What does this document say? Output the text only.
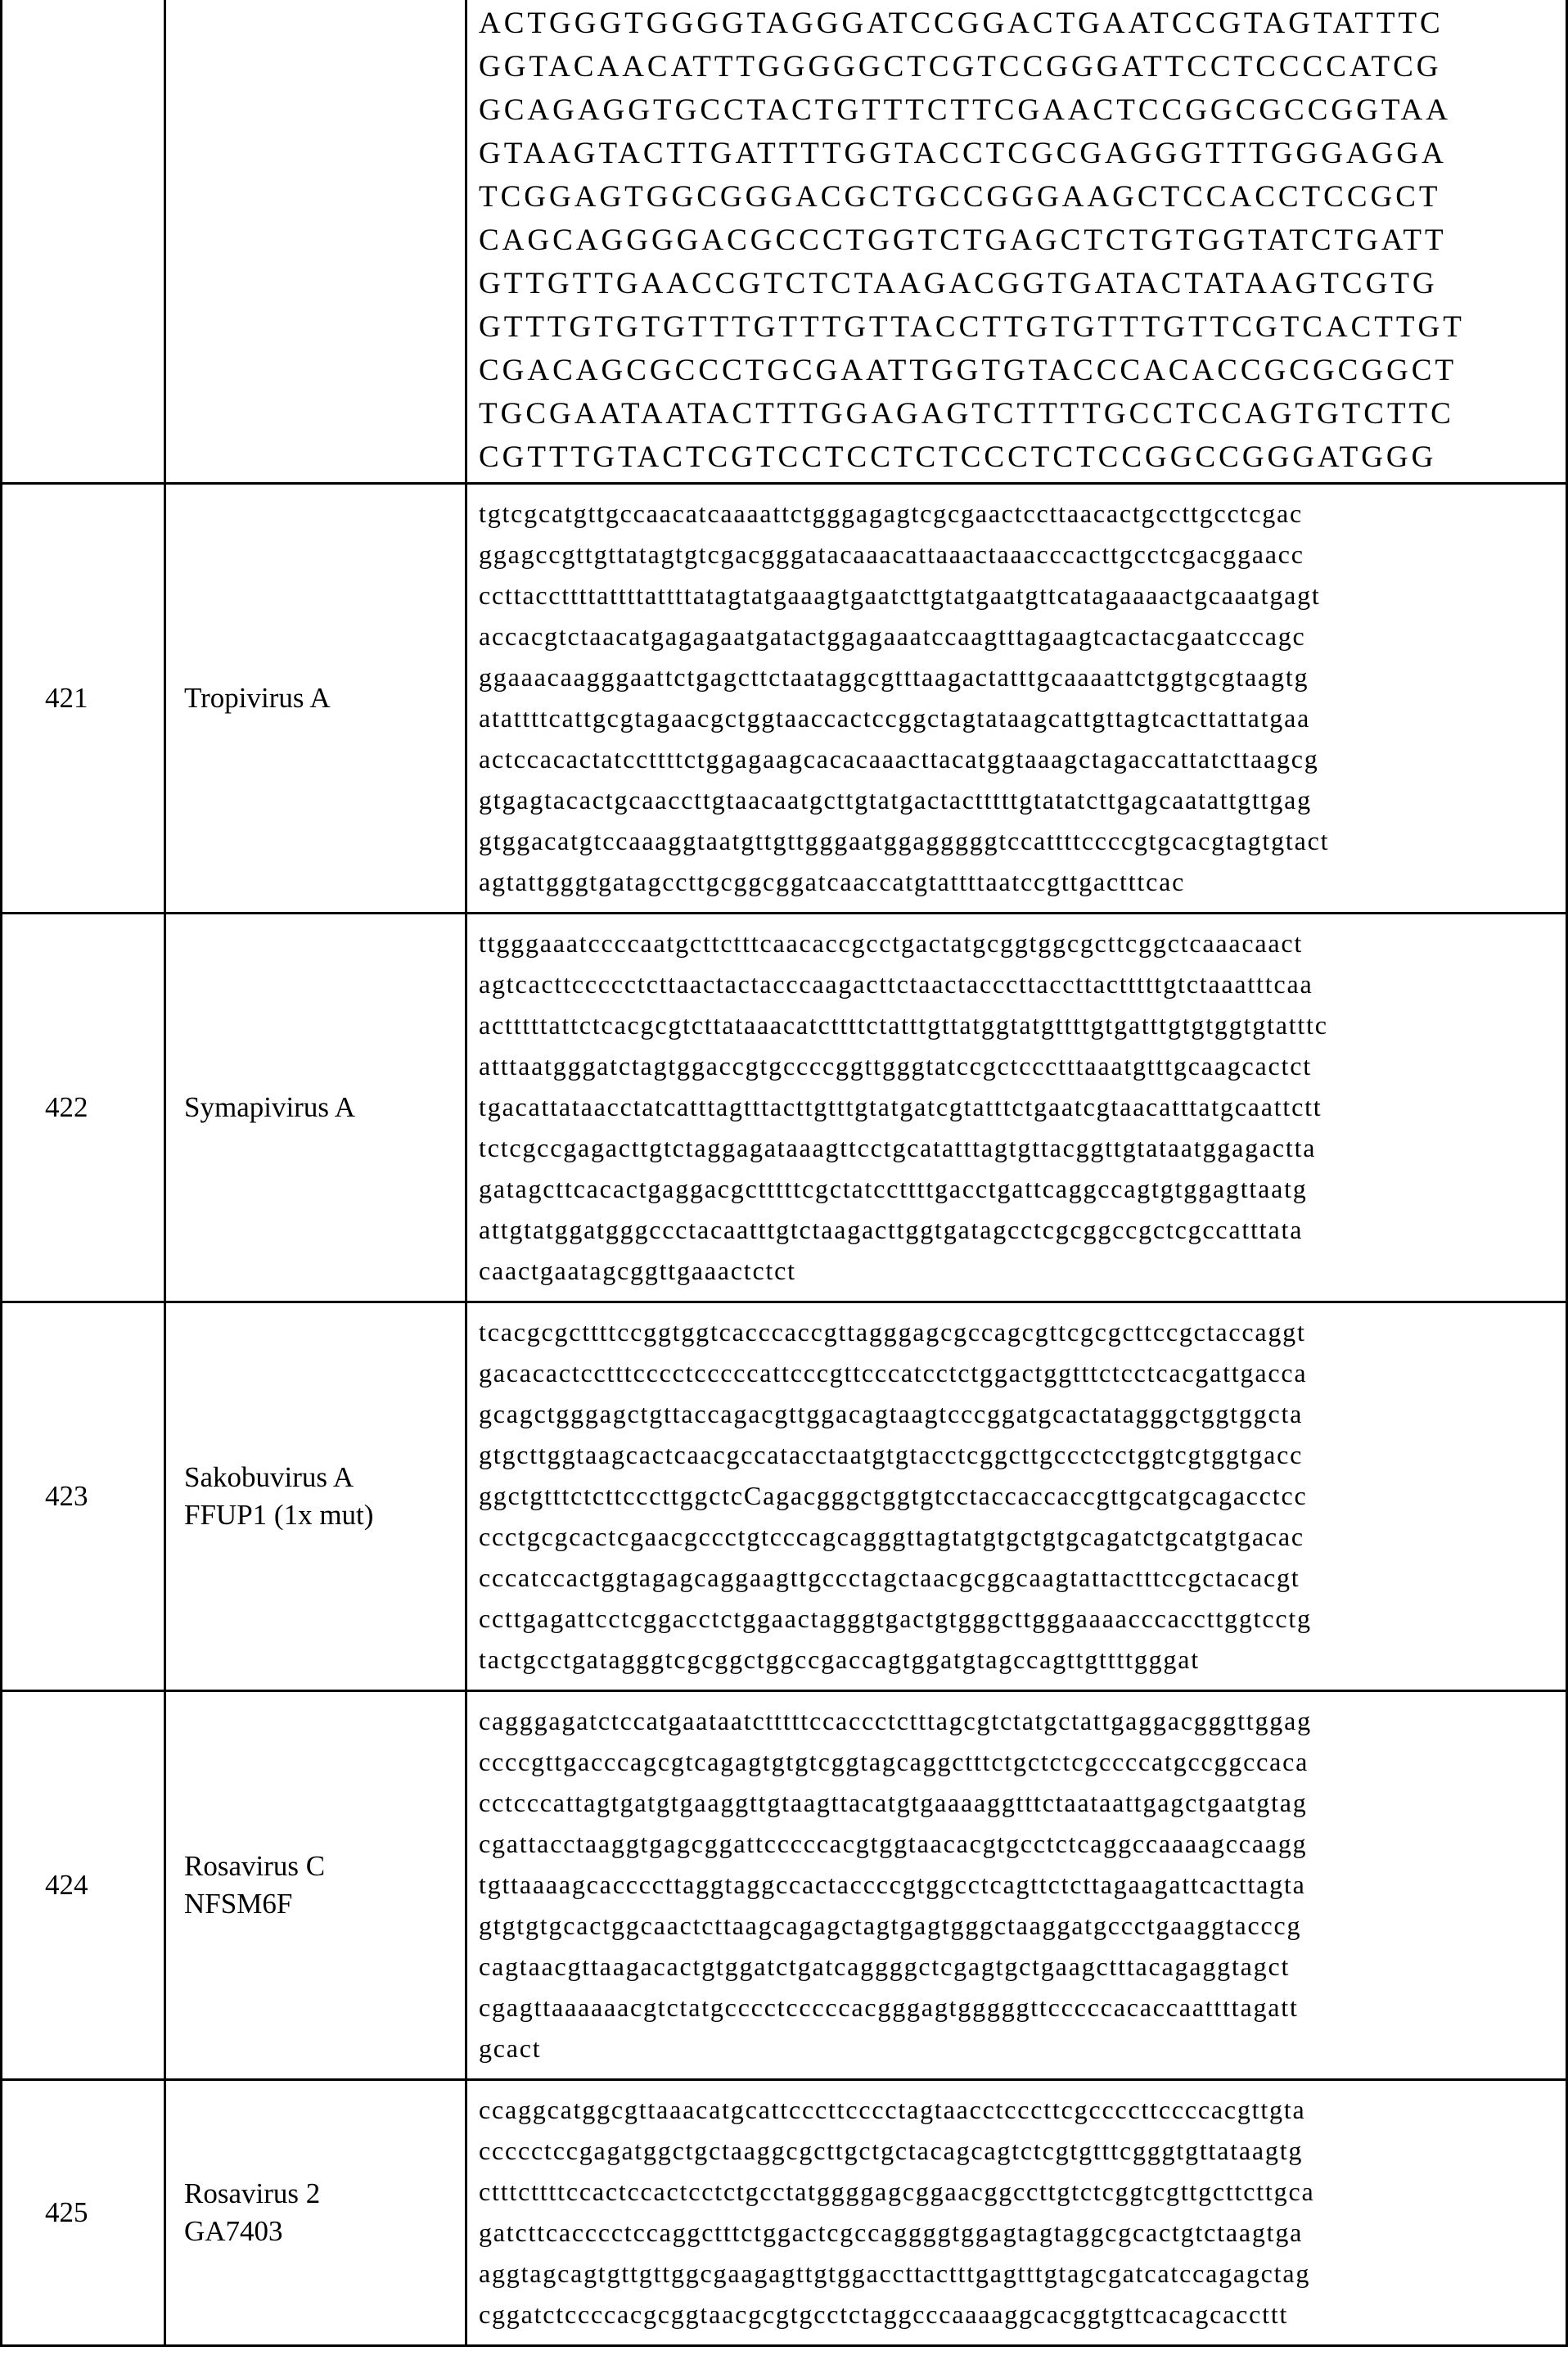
ACTGGGTGGGGTAGGGATCCGGACTGAATCCGTAGTATTTC
GGTACAACATTTGGGGGCTCGTCCGGGATTCCTCCCCATCG
GCAGAGGTGCCTACTGTTTCTTCGAACTCCGGCGCCGGTAA
GTAAGTACTTGATTTTGGTACCTCGCGAGGGTTTGGGAGGA
TCGGAGTGGCGGGACGCTGCCGGGAAGCTCCACCTCCGCT
CAGCAGGGGACGCCCTGGTCTGAGCTCTGTGGTATCTGATT
GTTGTTGAACCGTCTCTAAGACGGTGATACTATAAGTCGTG
GTTTGTGTGTTTGTTTGTTACCTTGTGTTTGTTCGTCACTTGT
CGACAGCGCCCTGCGAATTGGTGTACCCACACCGCGCGGCT
TGCGAATAATACTTTGGAGAGTCTTTTGCCTCCAGTGTCTTC
CGTTTGTACTCGTCCTCCTCTCCCTCTCCGGCCGGGATGGG
421	Tropivirus A
tgtcgcatgttgccaacatcaaaattctgggagagtcgcgaactccttaacactgccttgcctcgac
ggagccgttgttatagtgtcgacgggatacaaacattaaactaaacccacttgcctcgacggaacc
ccttaccttttattttattttatagtatgaaagtgaatcttgtatgaatgttcatagaaaactgcaaatgagt
accacgtctaacatgagagaatgatactggagaaatccaagtttagaagtcactacgaatcccagc
ggaaacaagggaattctgagcttctaataggcgtttaagactatttgcaaaattctggtgcgtaagtg
atattttcattgcgtagaacgctggtaaccactccggctagtataagcattgttagtcacttattatgaa
actccacactatccttttctggagaagcacacaaacttacatggtaaagctagaccattatcttaagcg
gtgagtacactgcaaccttgtaacaatgcttgtatgactactttttgtatatcttgagcaatattgttgag
gtggacatgtccaaaggtaatgttgttgggaatggagggggtccattttccccgtgcacgtagtgtact
agtattgggtgatagccttgcggcggatcaaccatgtattttaatccgttgactttcac
422	Symapivirus A
ttgggaaatccccaatgcttctttcaacaccgcctgactatgcggtggcgcttcggctcaaacaact
agtcacttccccctcttaactactacccaagacttctaactacccttaccttactttttgtctaaatttcaa
actttttattctcacgcgtcttataaacatcttttctatttgttatggtatgttttgtgatttgtgtggtgtatttc
atttaatgggatctagtggaccgtgccccggttgggtatccgctccctttaaatgtttgcaagcactct
tgacattataacctatcatttagtttacttgtttgtatgatcgtatttctgaatcgtaacatttatgcaattctt
tctcgccgagacttgtctaggagataaagttcctgcatatttagtgttacggttgtataatggagactta
gatagcttcacactgaggacgctttttcgctatccttttgacctgattcaggccagtgtggagttaatg
attgtatggatgggccctacaatttgtctaagacttggtgatagcctcgcggccgctcgccatttata
caactgaatagcggttgaaactctct
423
Sakobuvirus A
FFUP1 (1x mut)
tcacgcgcttttccggtggtcacccaccgttagggagcgccagcgttcgcgcttccgctaccaggt
gacacactcctttcccctcccccattcccgttcccatcctctggactggtttctcctcacgattgacca
gcagctgggagctgttaccagacgttggacagtaagtcccggatgcactatagggctggtggcta
gtgcttggtaagcactcaacgccatacctaatgtgtacctcggcttgccctcctggtcgtggtgacc
ggctgtttctcttcccttggctcCagacgggctggtgtcctaccaccaccgttgcatgcagacctcc
ccctgcgcactcgaacgccctgtcccagcagggttagtatgtgctgtgcagatctgcatgtgacac
cccatccactggtagagcaggaagttgccctagctaacgcggcaagtattactttccgctacacgt
ccttgagattcctcggacctctggaactagggtgactgtgggcttgggaaaacccaccttggtcctg
tactgcctgatagggtcgcggctggccgaccagtggatgtagccagttgttttgggat
424
Rosavirus C
NFSM6F
cagggagatctccatgaataatctttttccaccctctttagcgtctatgctattgaggacgggttggag
ccccgttgacccagcgtcagagtgtgtcggtagcaggctttctgctctcgccccatgccggccaca
cctcccattagtgatgtgaaggttgtaagttacatgtgaaaaggtttctaataattgagctgaatgtag
cgattacctaaggtgagcggattcccccacgtggtaacacgtgcctctcaggccaaaagccaagg
tgttaaaagcaccccttaggtaggccactaccccgtggcctcagttctcttagaagattcacttagta
gtgtgtgcactggcaactcttaagcagagctagtgagtgggctaaggatgccctgaaggtacccg
cagtaacgttaagacactgtggatctgatcaggggctcgagtgctgaagctttacagaggtagct
cgagttaaaaaacgtctatgcccctcccccacgggagtgggggttcccccacaccaattttagatt
gcact
425
Rosavirus 2
GA7403
ccaggcatggcgttaaacatgcattcccttcccctagtaacctcccttcgccccttccccacgttgta
ccccctccgagatggctgctaaggcgcttgctgctacagcagtctcgtgtttcgggtgttataagtg
ctttcttttccactccactcctctgcctatggggagcggaacggccttgtctcggtcgttgcttcttgca
gatcttcacccctccaggctttctggactcgccaggggtggagtagtaggcgcactgtctaagtga
aggtagcagtgttgttggcgaagagttgtggaccttactttgagtttgtagcgatcatccagagctag
cggatctccccacgcggtaacgcgtgcctctaggcccaaaaggcacggtgttcacagcaccttt
